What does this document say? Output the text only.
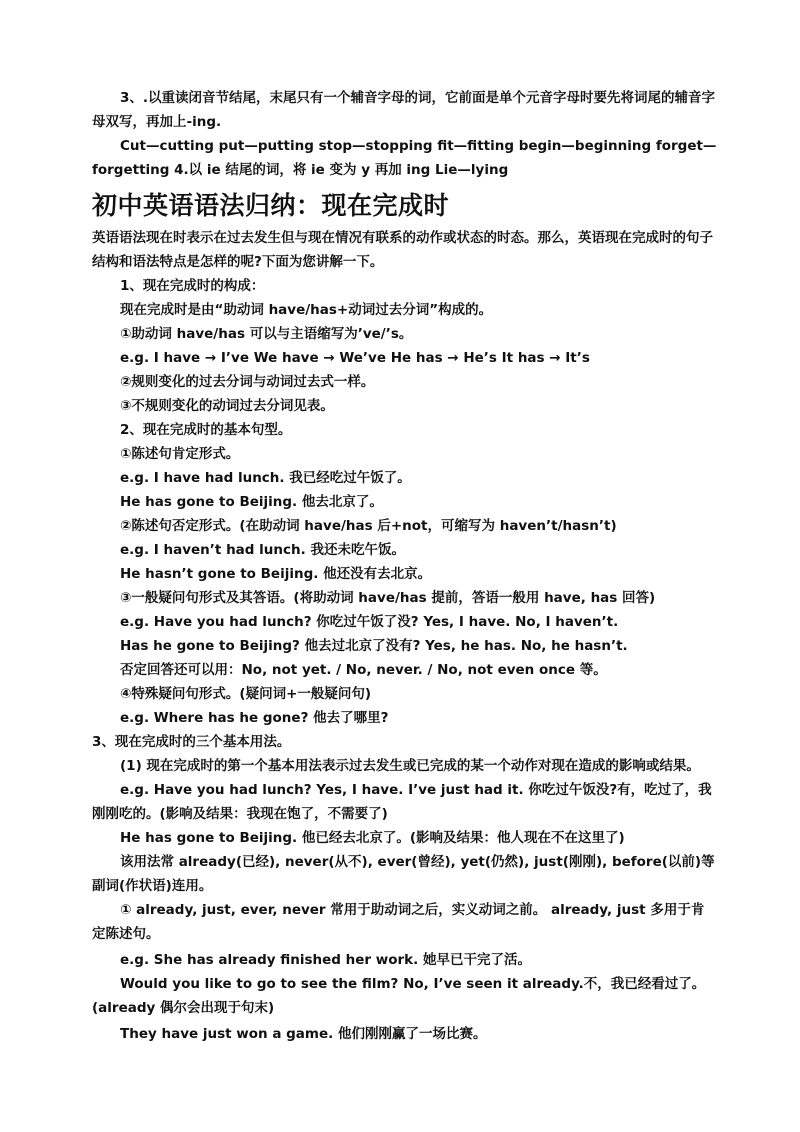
3、.以重读闭音节结尾，末尾只有一个辅音字母的词，它前面是单个元音字母时要先将词尾的辅音字母双写，再加上-ing.
Cut—cutting put—putting stop—stopping fit—fitting begin—beginning forget—forgetting 4.以 ie 结尾的词，将 ie 变为 y 再加 ing Lie—lying
初中英语语法归纳：现在完成时
英语语法现在时表示在过去发生但与现在情况有联系的动作或状态的时态。那么，英语现在完成时的句子结构和语法特点是怎样的呢?下面为您讲解一下。
1、现在完成时的构成：
现在完成时是由“助动词 have/has+动词过去分词”构成的。
①助动词 have/has 可以与主语缩写为’ve/’s。
e.g. I have → I’ve We have → We’ve He has → He’s It has → It’s
②规则变化的过去分词与动词过去式一样。
③不规则变化的动词过去分词见表。
2、现在完成时的基本句型。
①陈述句肯定形式。
e.g. I have had lunch. 我已经吃过午饭了。
He has gone to Beijing. 他去北京了。
②陈述句否定形式。(在助动词 have/has 后+not，可缩写为 haven’t/hasn’t)
e.g. I haven’t had lunch. 我还未吃午饭。
He hasn’t gone to Beijing. 他还没有去北京。
③一般疑问句形式及其答语。(将助动词 have/has 提前，答语一般用 have, has 回答)
e.g. Have you had lunch? 你吃过午饭了没? Yes, I have. No, I haven’t.
Has he gone to Beijing? 他去过北京了没有? Yes, he has. No, he hasn’t.
否定回答还可以用：No, not yet. / No, never. / No, not even once 等。
④特殊疑问句形式。(疑问词+一般疑问句)
e.g. Where has he gone? 他去了哪里?
3、现在完成时的三个基本用法。
(1) 现在完成时的第一个基本用法表示过去发生或已完成的某一个动作对现在造成的影响或结果。
e.g. Have you had lunch? Yes, I have. I’ve just had it. 你吃过午饭没?有，吃过了，我刚刚吃的。(影响及结果：我现在饱了，不需要了)
He has gone to Beijing. 他已经去北京了。(影响及结果：他人现在不在这里了)
该用法常 already(已经), never(从不), ever(曾经), yet(仍然), just(刚刚), before(以前)等副词(作状语)连用。
① already, just, ever, never 常用于助动词之后，实义动词之前。 already, just 多用于肯定陈述句。
e.g. She has already finished her work. 她早已干完了活。
Would you like to go to see the film? No, I’ve seen it already.不，我已经看过了。(already 偶尔会出现于句末)
They have just won a game. 他们刚刚赢了一场比赛。
